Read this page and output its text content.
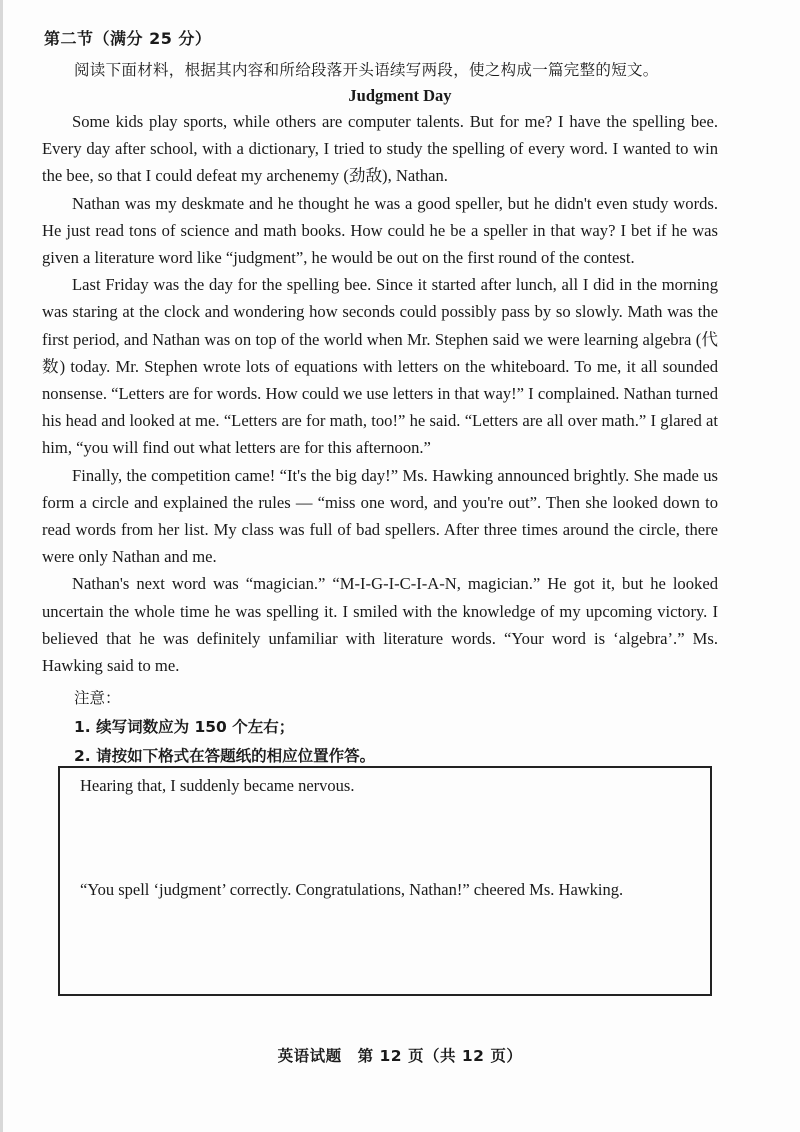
第二节（满分 25 分）
阅读下面材料，根据其内容和所给段落开头语续写两段，使之构成一篇完整的短文。
Judgment Day

Some kids play sports, while others are computer talents. But for me? I have the spelling bee. Every day after school, with a dictionary, I tried to study the spelling of every word. I wanted to win the bee, so that I could defeat my archenemy (劲敌), Nathan.

Nathan was my deskmate and he thought he was a good speller, but he didn't even study words. He just read tons of science and math books. How could he be a speller in that way? I bet if he was given a literature word like “judgment”, he would be out on the first round of the contest.

Last Friday was the day for the spelling bee. Since it started after lunch, all I did in the morning was staring at the clock and wondering how seconds could possibly pass by so slowly. Math was the first period, and Nathan was on top of the world when Mr. Stephen said we were learning algebra (代数) today. Mr. Stephen wrote lots of equations with letters on the whiteboard. To me, it all sounded nonsense. “Letters are for words. How could we use letters in that way!” I complained. Nathan turned his head and looked at me. “Letters are for math, too!” he said. “Letters are all over math.” I glared at him, “you will find out what letters are for this afternoon.”

Finally, the competition came! “It's the big day!” Ms. Hawking announced brightly. She made us form a circle and explained the rules — “miss one word, and you're out”. Then she looked down to read words from her list. My class was full of bad spellers. After three times around the circle, there were only Nathan and me.

Nathan's next word was “magician.” “M-I-G-I-C-I-A-N, magician.” He got it, but he looked uncertain the whole time he was spelling it. I smiled with the knowledge of my upcoming victory. I believed that he was definitely unfamiliar with literature words. “Your word is ‘algebra’.” Ms. Hawking said to me.

注意：
1. 续写词数应为 150 个左右；
2. 请按如下格式在答题纸的相应位置作答。
Hearing that, I suddenly became nervous.
“You spell ‘judgment’ correctly. Congratulations, Nathan!” cheered Ms. Hawking.
英语试题　第 12 页（共 12 页）
